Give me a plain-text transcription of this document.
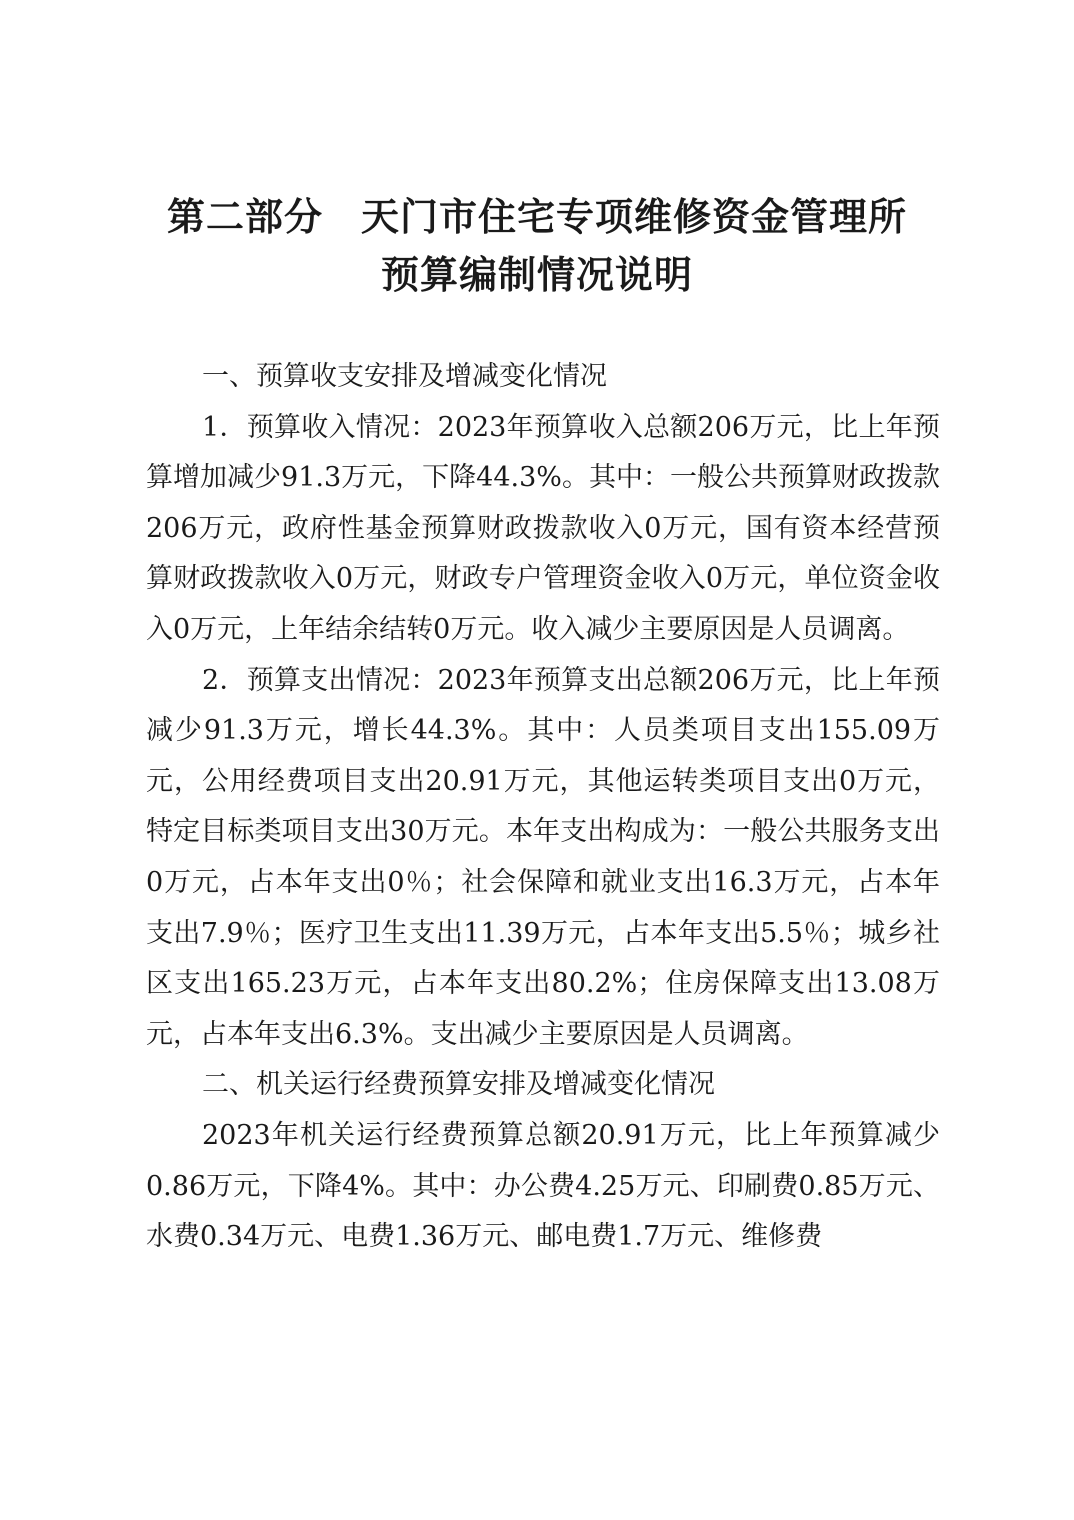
第二部分 天门市住宅专项维修资金管理所
预算编制情况说明

一、预算收支安排及增减变化情况

1．预算收入情况：2023年预算收入总额206万元，比上年预算增加减少91.3万元，下降44.3%。其中：一般公共预算财政拨款206万元，政府性基金预算财政拨款收入0万元，国有资本经营预算财政拨款收入0万元，财政专户管理资金收入0万元，单位资金收入0万元，上年结余结转0万元。收入减少主要原因是人员调离。

2．预算支出情况：2023年预算支出总额206万元，比上年预减少91.3万元，增长44.3%。其中：人员类项目支出155.09万元，公用经费项目支出20.91万元，其他运转类项目支出0万元，特定目标类项目支出30万元。本年支出构成为：一般公共服务支出0万元，占本年支出0％；社会保障和就业支出16.3万元，占本年支出7.9％；医疗卫生支出11.39万元，占本年支出5.5％；城乡社区支出165.23万元，占本年支出80.2%；住房保障支出13.08万元，占本年支出6.3%。支出减少主要原因是人员调离。

二、机关运行经费预算安排及增减变化情况

2023年机关运行经费预算总额20.91万元，比上年预算减少0.86万元，下降4%。其中：办公费4.25万元、印刷费0.85万元、水费0.34万元、电费1.36万元、邮电费1.7万元、维修费
